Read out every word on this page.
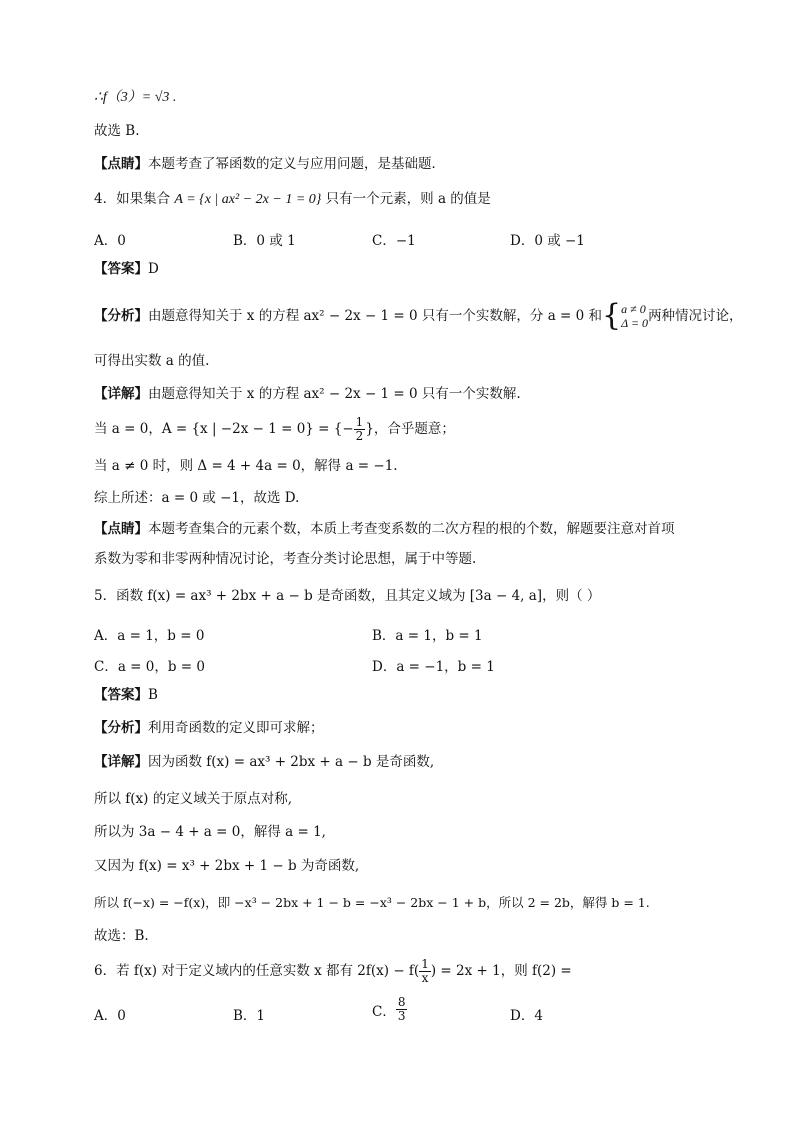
∴f（3）= √3 .
故选 B.
【点睛】本题考查了幂函数的定义与应用问题，是基础题．
4．如果集合 A = {x | ax² − 2x − 1 = 0} 只有一个元素，则 a 的值是
A．0	B．0 或 1	C．−1	D．0 或 −1
【答案】D
【分析】 由题意得知关于 x 的方程 ax² − 2x − 1 = 0 只有一个实数解，分 a = 0 和 { a ≠ 0
Δ = 0 两种情况讨论，
可得出实数 a 的值.
【详解】由题意得知关于 x 的方程 ax² − 2x − 1 = 0 只有一个实数解.
当 a = 0，A = {x | −2x − 1 = 0} = {− $\frac{1}{2}$ }，合乎题意；
当 a ≠ 0 时，则 Δ = 4 + 4a = 0，解得 a = −1.
综上所述：a = 0 或 −1，故选 D.
【点睛】本题考查集合的元素个数，本质上考查变系数的二次方程的根的个数，解题要注意对首项
系数为零和非零两种情况讨论，考查分类讨论思想，属于中等题.
5．函数 f(x) = ax³ + 2bx + a − b 是奇函数，且其定义域为 [3a − 4, a]，则（ ）
A．a = 1，b = 0	B．a = 1，b = 1
C．a = 0，b = 0	D．a = −1，b = 1
【答案】B
【分析】利用奇函数的定义即可求解；
【详解】因为函数 f(x) = ax³ + 2bx + a − b 是奇函数,
所以 f(x) 的定义域关于原点对称,
所以为 3a − 4 + a = 0，解得 a = 1,
又因为 f(x) = x³ + 2bx + 1 − b 为奇函数,
所以 f(−x) = −f(x)，即 −x³ − 2bx + 1 − b = −x³ − 2bx − 1 + b，所以 2 = 2b，解得 b = 1.
故选：B.
6．若 f(x) 对于定义域内的任意实数 x 都有 $2f(x) - f( \frac{1}{x}$ ) = 2x + 1，则 f(2) =
A．0	B．1	C． $\frac{8}{3}$	D．4
